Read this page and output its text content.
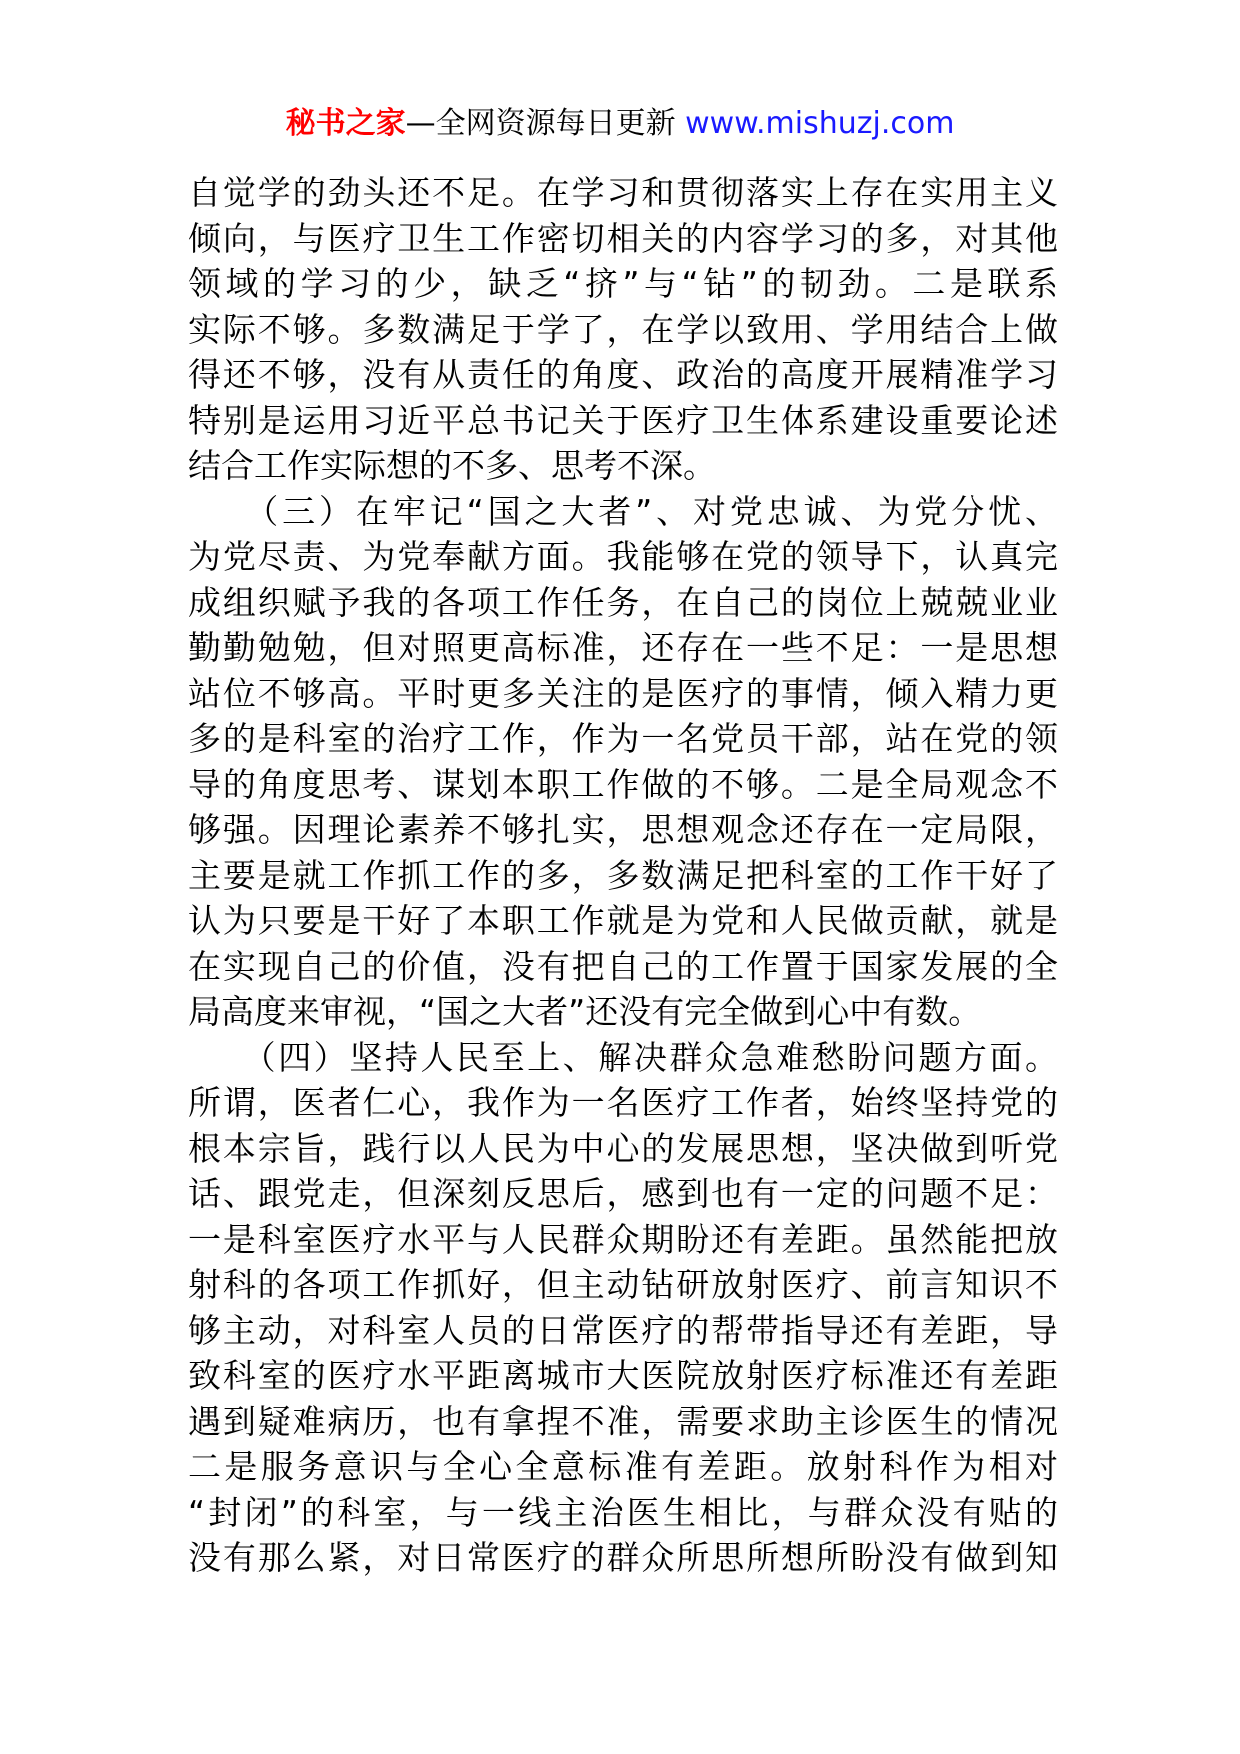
秘书之家—全网资源每日更新 www.mishuzj.com
自觉学的劲头还不足。在学习和贯彻落实上存在实用主义
倾向，与医疗卫生工作密切相关的内容学习的多，对其他
领域的学习的少，缺乏“挤”与“钻”的韧劲。二是联系
实际不够。多数满足于学了，在学以致用、学用结合上做
得还不够，没有从责任的角度、政治的高度开展精准学习
特别是运用习近平总书记关于医疗卫生体系建设重要论述
结合工作实际想的不多、思考不深。
　　（三）在牢记“国之大者”、对党忠诚、为党分忧、
为党尽责、为党奉献方面。我能够在党的领导下，认真完
成组织赋予我的各项工作任务，在自己的岗位上兢兢业业
勤勤勉勉，但对照更高标准，还存在一些不足：一是思想
站位不够高。平时更多关注的是医疗的事情，倾入精力更
多的是科室的治疗工作，作为一名党员干部，站在党的领
导的角度思考、谋划本职工作做的不够。二是全局观念不
够强。因理论素养不够扎实，思想观念还存在一定局限，
主要是就工作抓工作的多，多数满足把科室的工作干好了
认为只要是干好了本职工作就是为党和人民做贡献，就是
在实现自己的价值，没有把自己的工作置于国家发展的全
局高度来审视，“国之大者”还没有完全做到心中有数。
　　（四）坚持人民至上、解决群众急难愁盼问题方面。
所谓，医者仁心，我作为一名医疗工作者，始终坚持党的
根本宗旨，践行以人民为中心的发展思想，坚决做到听党
话、跟党走，但深刻反思后，感到也有一定的问题不足：
一是科室医疗水平与人民群众期盼还有差距。虽然能把放
射科的各项工作抓好，但主动钻研放射医疗、前言知识不
够主动，对科室人员的日常医疗的帮带指导还有差距，导
致科室的医疗水平距离城市大医院放射医疗标准还有差距
遇到疑难病历，也有拿捏不准，需要求助主诊医生的情况
二是服务意识与全心全意标准有差距。放射科作为相对
“封闭”的科室，与一线主治医生相比，与群众没有贴的
没有那么紧，对日常医疗的群众所思所想所盼没有做到知
